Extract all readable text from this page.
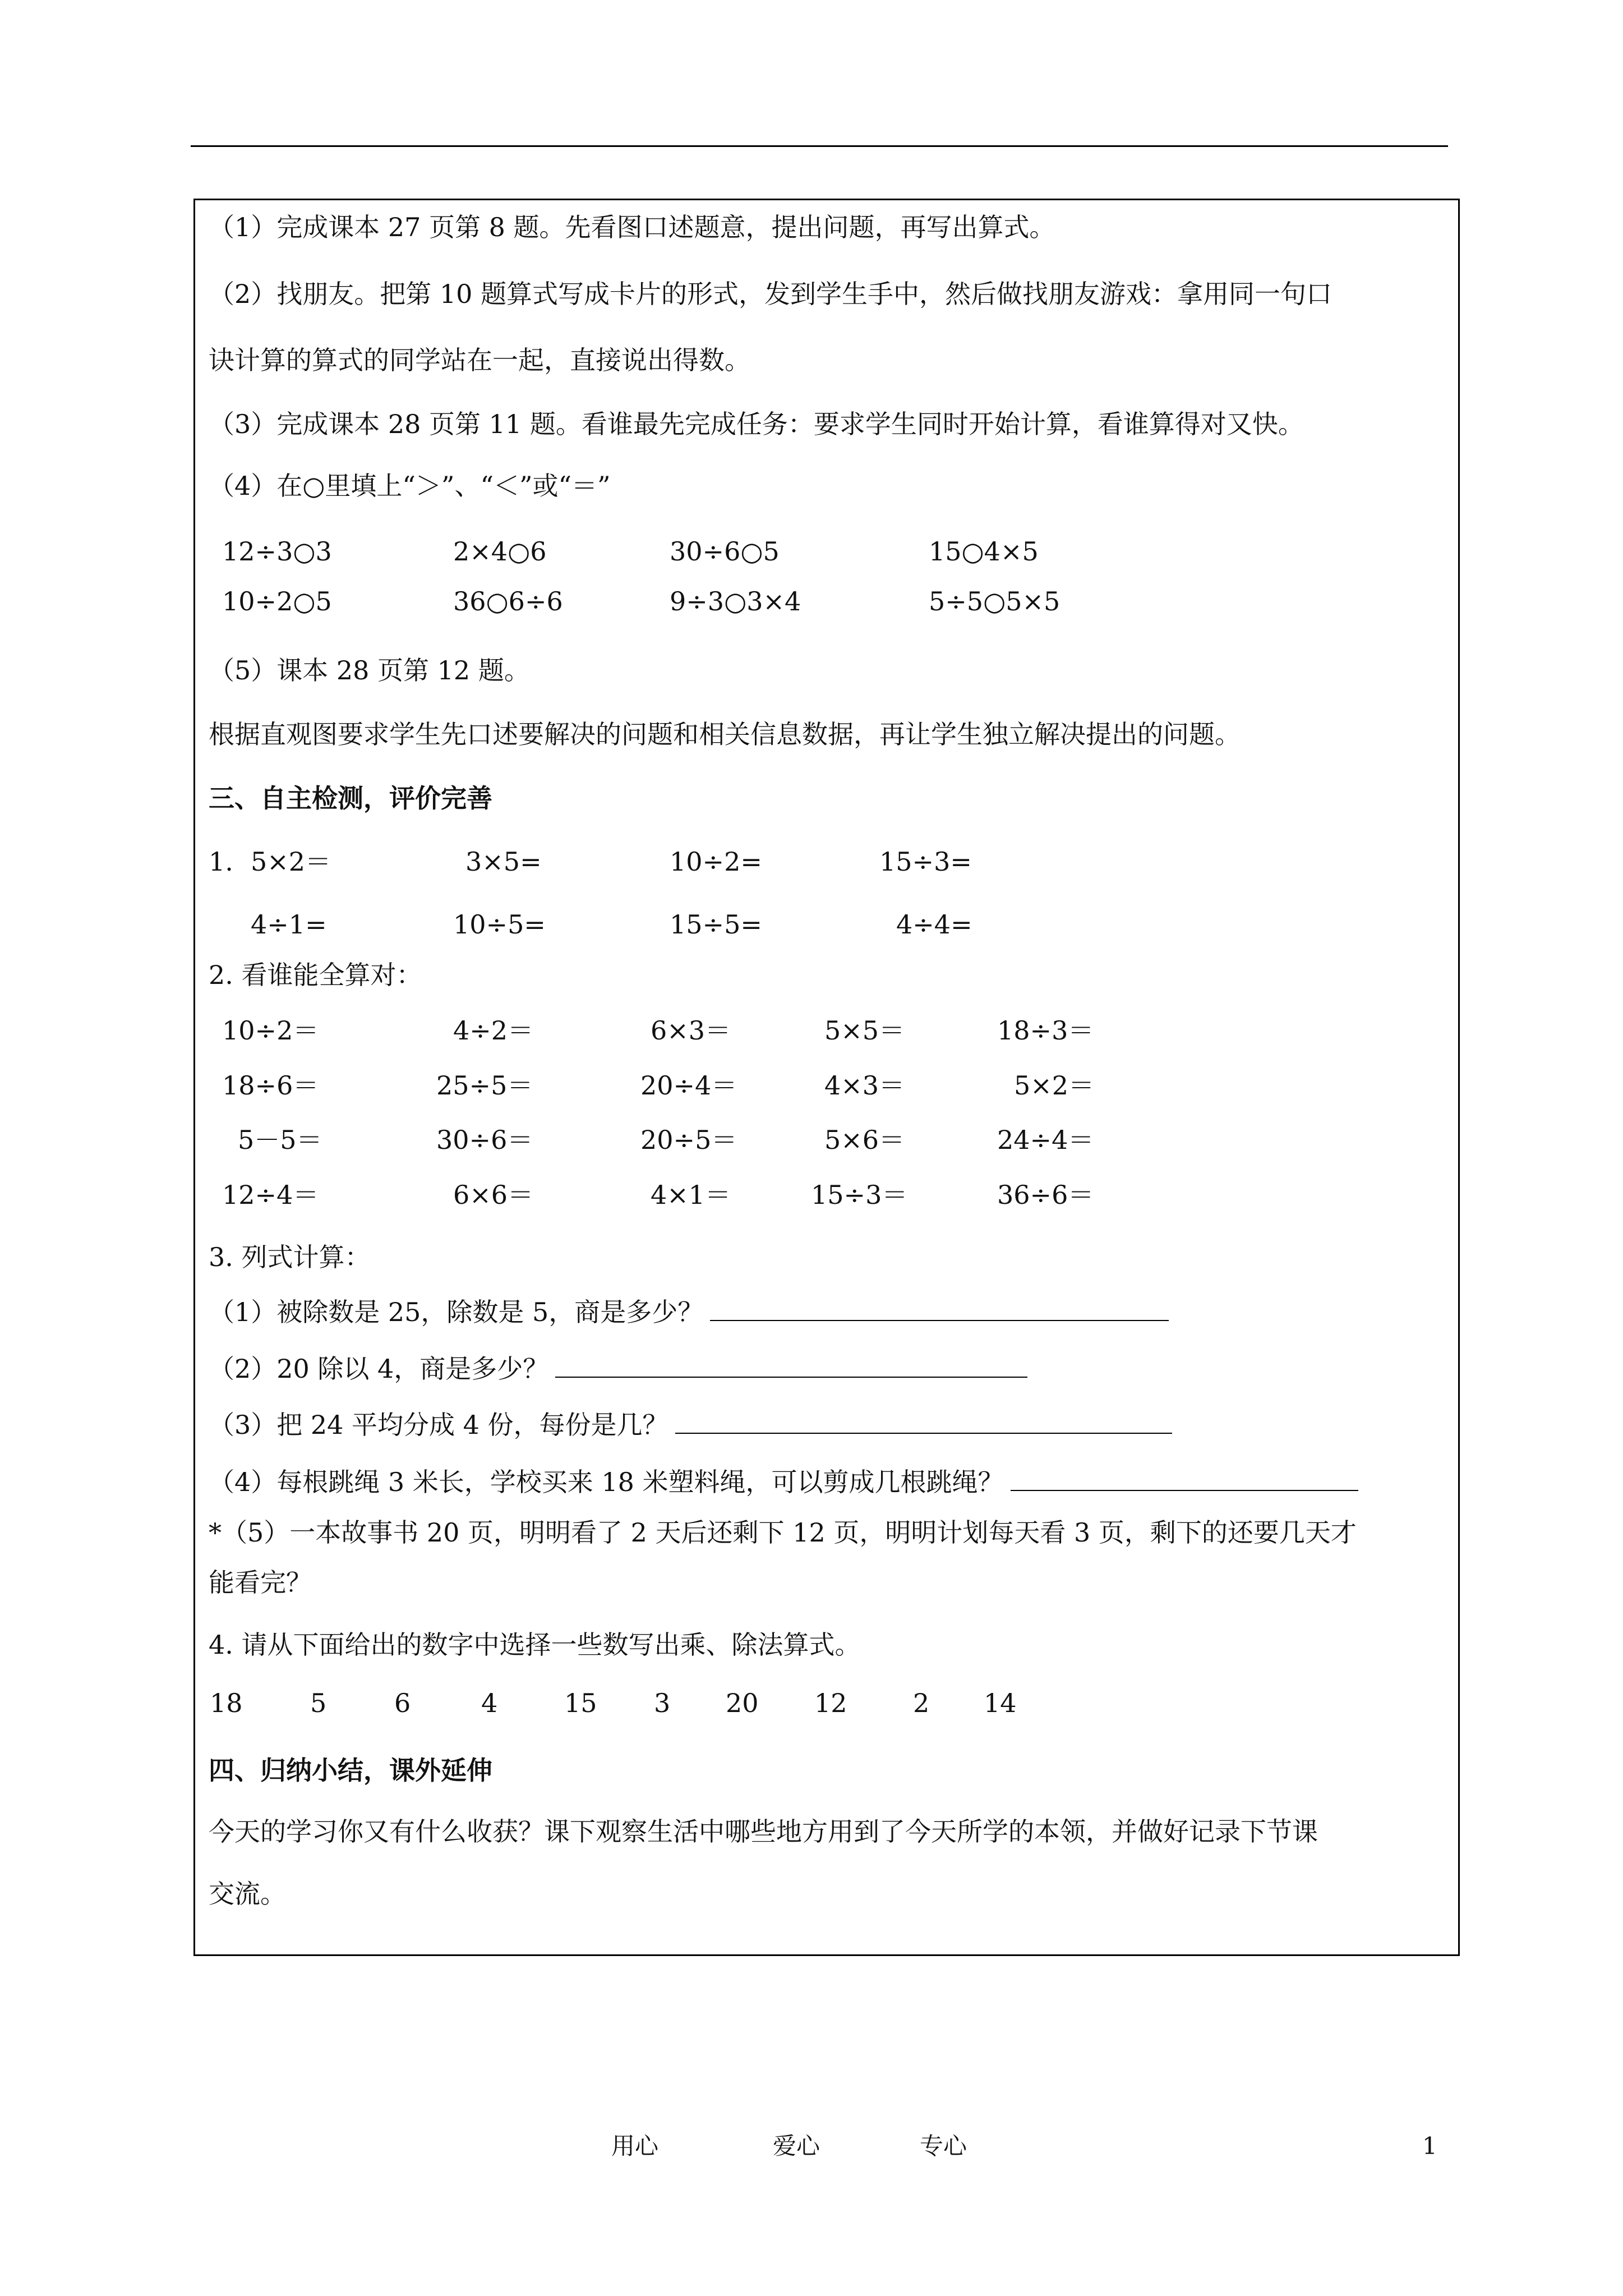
（1）完成课本 27 页第 8 题。先看图口述题意，提出问题，再写出算式。
（2）找朋友。把第 10 题算式写成卡片的形式，发到学生手中，然后做找朋友游戏：拿用同一句口
诀计算的算式的同学站在一起，直接说出得数。
（3）完成课本 28 页第 11 题。看谁最先完成任务：要求学生同时开始计算，看谁算得对又快。
（4）在○里填上“＞”、“＜”或“＝”
12÷3○3	2×4○6	30÷6○5	15○4×5
10÷2○5	36○6÷6	9÷3○3×4	5÷5○5×5
（5）课本 28 页第 12 题。
根据直观图要求学生先口述要解决的问题和相关信息数据，再让学生独立解决提出的问题。
三、自主检测，评价完善
1. 5×2＝	3×5=	10÷2=	15÷3=
4÷1=	10÷5=	15÷5=	4÷4=
2. 看谁能全算对：
10÷2＝	4÷2＝	6×3＝	5×5＝	18÷3＝
18÷6＝	25÷5＝	20÷4＝	4×3＝	5×2＝
5－5＝	30÷6＝	20÷5＝	5×6＝	24÷4＝
12÷4＝	6×6＝	4×1＝	15÷3＝	36÷6＝
3. 列式计算：
（1）被除数是 25，除数是 5，商是多少？
（2）20 除以 4，商是多少？
（3）把 24 平均分成 4 份，每份是几？
（4）每根跳绳 3 米长，学校买来 18 米塑料绳，可以剪成几根跳绳？
*（5）一本故事书 20 页，明明看了 2 天后还剩下 12 页，明明计划每天看 3 页，剩下的还要几天才
能看完？
4. 请从下面给出的数字中选择一些数写出乘、除法算式。
18	5	6	4	15 3 20 12	2 14
四、归纳小结，课外延伸
今天的学习你又有什么收获？课下观察生活中哪些地方用到了今天所学的本领，并做好记录下节课
交流。
用心	爱心	专心	1
